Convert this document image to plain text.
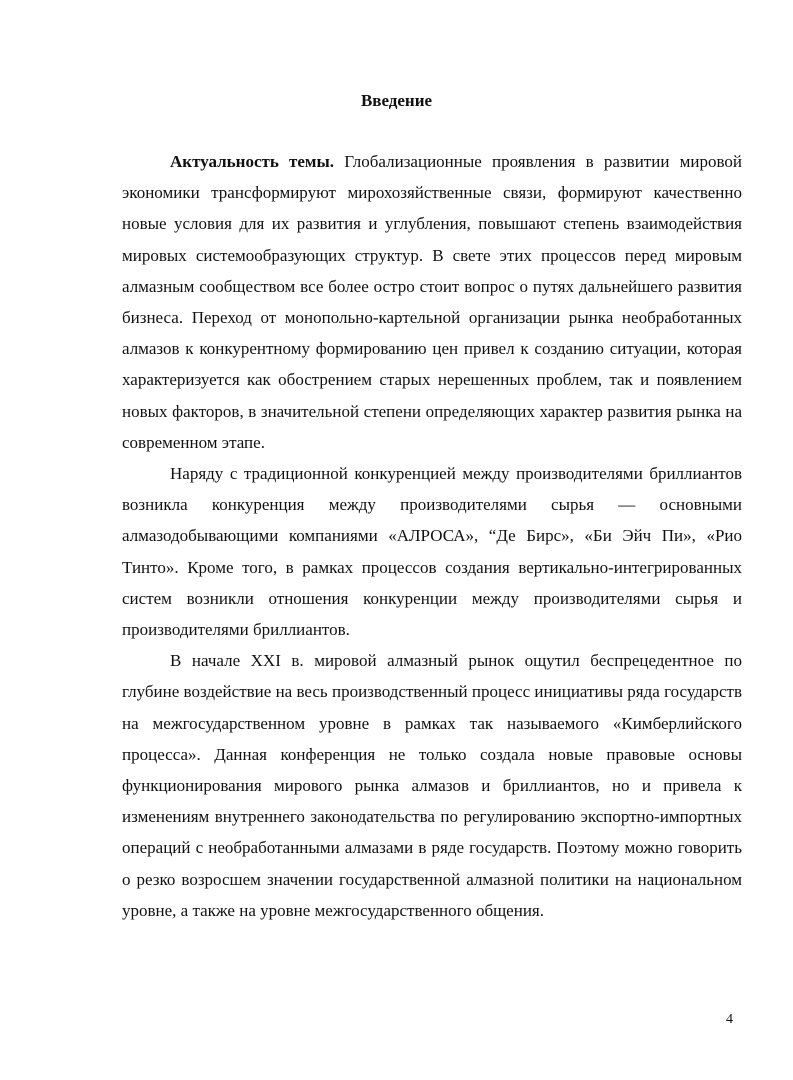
Введение

Актуальность темы. Глобализационные проявления в развитии мировой экономики трансформируют мирохозяйственные связи, формируют качественно новые условия для их развития и углубления, повышают степень взаимодействия мировых системообразующих структур. В свете этих процессов перед мировым алмазным сообществом все более остро стоит вопрос о путях дальнейшего развития бизнеса. Переход от монопольно-картельной организации рынка необработанных алмазов к конкурентному формированию цен привел к созданию ситуации, которая характеризуется как обострением старых нерешенных проблем, так и появлением новых факторов, в значительной степени определяющих характер развития рынка на современном этапе.

Наряду с традиционной конкуренцией между производителями бриллиантов возникла конкуренция между производителями сырья — основными алмазодобывающими компаниями «АЛРОСА», “Де Бирс», «Би Эйч Пи», «Рио Тинто». Кроме того, в рамках процессов создания вертикально-интегрированных систем возникли отношения конкуренции между производителями сырья и производителями бриллиантов.

В начале XXI в. мировой алмазный рынок ощутил беспрецедентное по глубине воздействие на весь производственный процесс инициативы ряда государств на межгосударственном уровне в рамках так называемого «Кимберлийского процесса». Данная конференция не только создала новые правовые основы функционирования мирового рынка алмазов и бриллиантов, но и привела к изменениям внутреннего законодательства по регулированию экспортно-импортных операций с необработанными алмазами в ряде государств. Поэтому можно говорить о резко возросшем значении государственной алмазной политики на национальном уровне, а также на уровне межгосударственного общения.

4
